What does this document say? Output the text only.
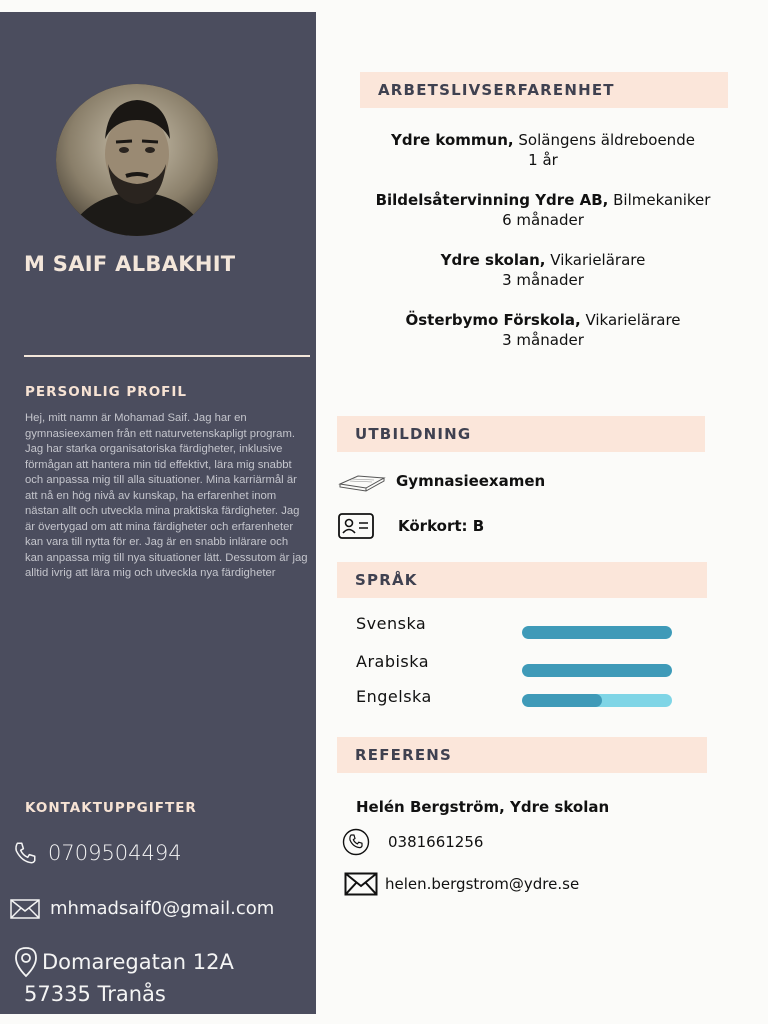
M SAIF ALBAKHIT
PERSONLIG PROFIL
Hej, mitt namn är Mohamad Saif. Jag har en gymnasieexamen från ett naturvetenskapligt program. Jag har starka organisatoriska färdigheter, inklusive förmågan att hantera min tid effektivt, lära mig snabbt och anpassa mig till alla situationer. Mina karriärmål är att nå en hög nivå av kunskap, ha erfarenhet inom nästan allt och utveckla mina praktiska färdigheter. Jag är övertygad om att mina färdigheter och erfarenheter kan vara till nytta för er. Jag är en snabb inlärare och kan anpassa mig till nya situationer lätt. Dessutom är jag alltid ivrig att lära mig och utveckla nya färdigheter
KONTAKTUPPGIFTER
0709504494
mhmadsaif0@gmail.com
Domaregatan 12A
57335 Tranås
ARBETSLIVSERFARENHET
Ydre kommun, Solängens äldreboende
1 år
Bildelsåtervinning Ydre AB, Bilmekaniker
6 månader
Ydre skolan, Vikarielärare
3 månader
Österbymo Förskola, Vikarielärare
3 månader
UTBILDNING
Gymnasieexamen
Körkort: B
SPRÅK
Svenska
Arabiska
Engelska
REFERENS
Helén Bergström, Ydre skolan
0381661256
helen.bergstrom@ydre.se
